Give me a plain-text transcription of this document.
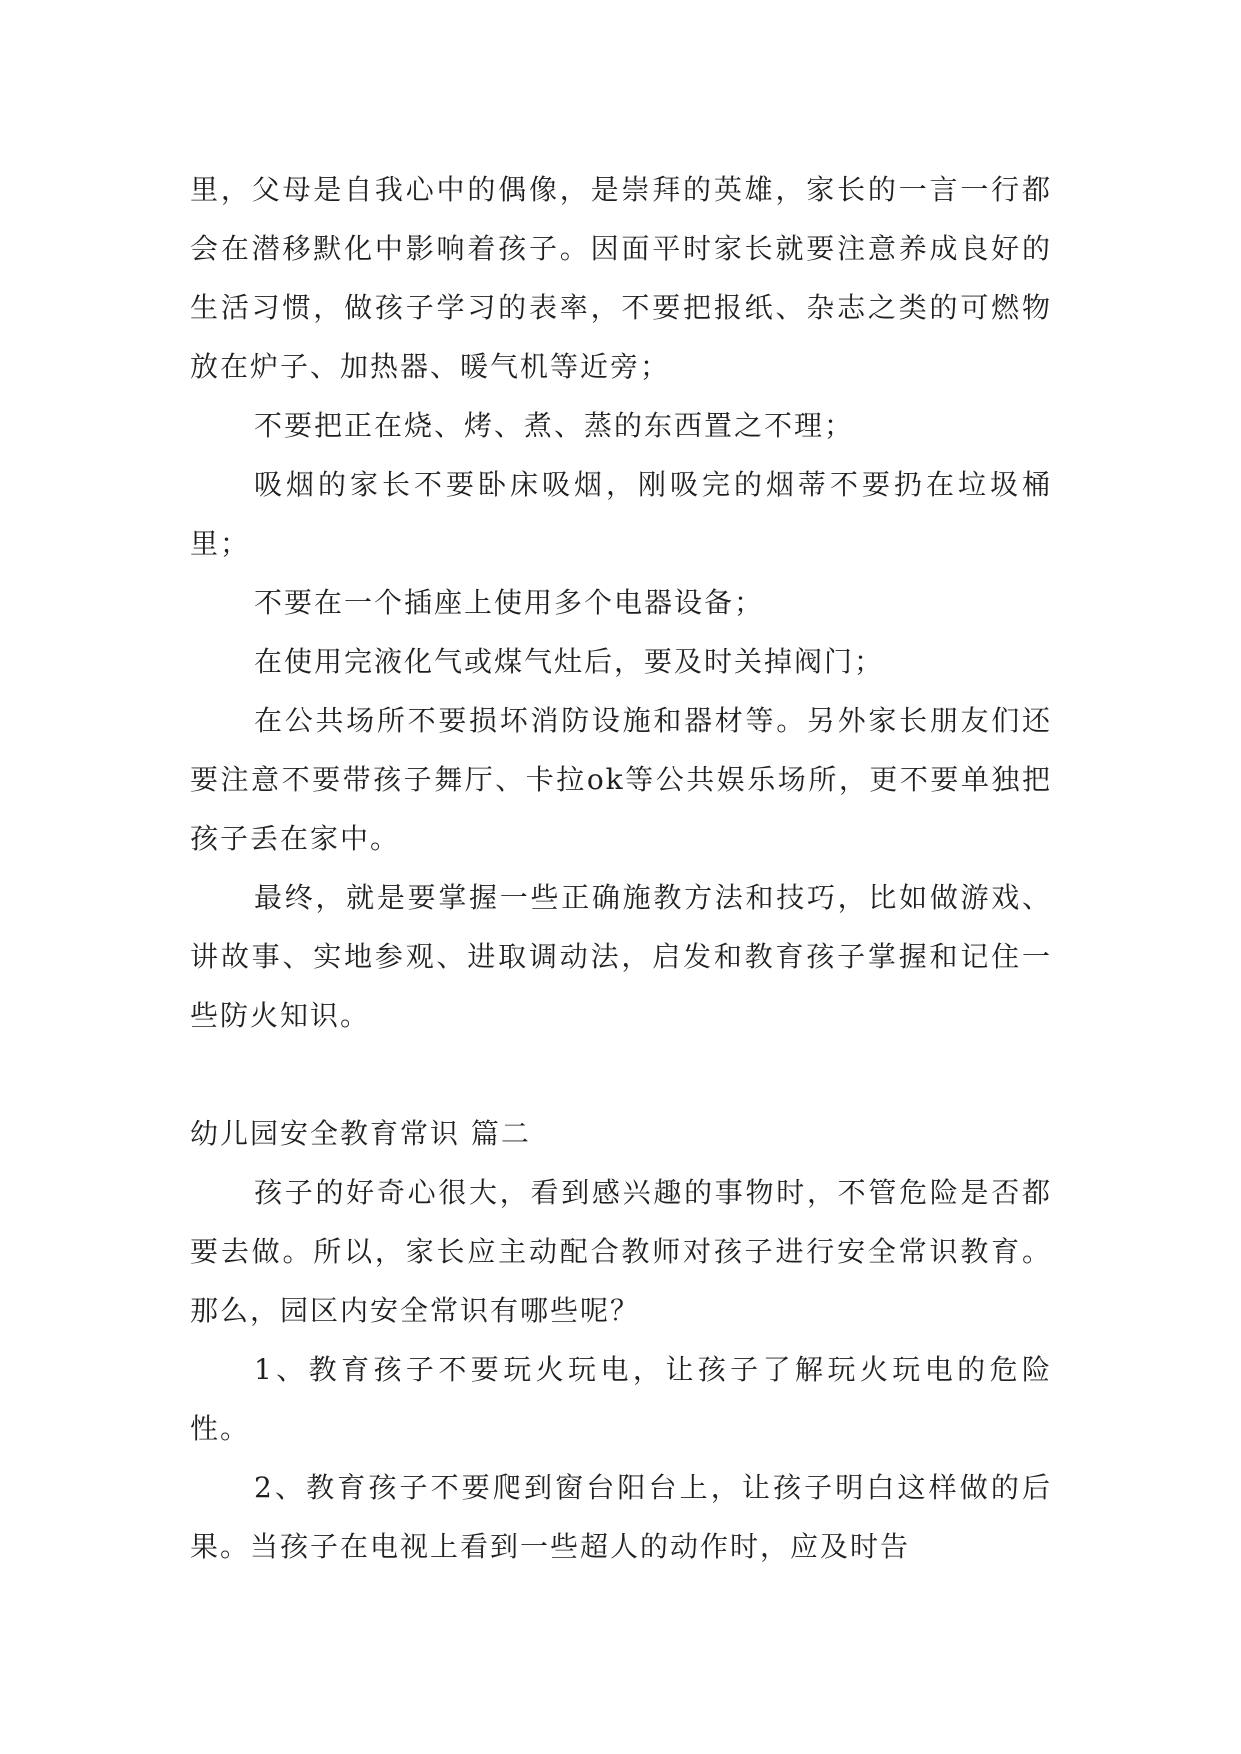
里，父母是自我心中的偶像，是崇拜的英雄，家长的一言一行都会在潜移默化中影响着孩子。因面平时家长就要注意养成良好的生活习惯，做孩子学习的表率，不要把报纸、杂志之类的可燃物放在炉子、加热器、暖气机等近旁；

不要把正在烧、烤、煮、蒸的东西置之不理；

吸烟的家长不要卧床吸烟，刚吸完的烟蒂不要扔在垃圾桶里；

不要在一个插座上使用多个电器设备；

在使用完液化气或煤气灶后，要及时关掉阀门；

在公共场所不要损坏消防设施和器材等。另外家长朋友们还要注意不要带孩子舞厅、卡拉ok等公共娱乐场所，更不要单独把孩子丢在家中。

最终，就是要掌握一些正确施教方法和技巧，比如做游戏、讲故事、实地参观、进取调动法，启发和教育孩子掌握和记住一些防火知识。

幼儿园安全教育常识 篇二

孩子的好奇心很大，看到感兴趣的事物时，不管危险是否都要去做。所以，家长应主动配合教师对孩子进行安全常识教育。那么，园区内安全常识有哪些呢？

1、教育孩子不要玩火玩电，让孩子了解玩火玩电的危险性。

2、教育孩子不要爬到窗台阳台上，让孩子明白这样做的后果。当孩子在电视上看到一些超人的动作时，应及时告
